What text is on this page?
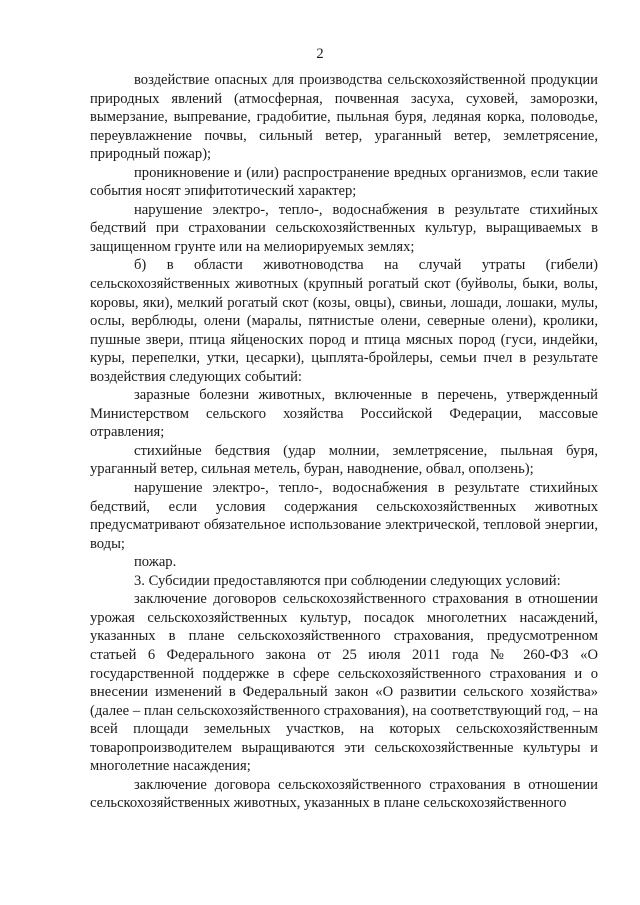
2

воздействие опасных для производства сельскохозяйственной продукции природных явлений (атмосферная, почвенная засуха, суховей, заморозки, вымерзание, выпревание, градобитие, пыльная буря, ледяная корка, половодье, переувлажнение почвы, сильный ветер, ураганный ветер, землетрясение, природный пожар);

проникновение и (или) распространение вредных организмов, если такие события носят эпифитотический характер;

нарушение электро-, тепло-, водоснабжения в результате стихийных бедствий при страховании сельскохозяйственных культур, выращиваемых в защищенном грунте или на мелиорируемых землях;

б) в области животноводства на случай утраты (гибели) сельскохозяйственных животных (крупный рогатый скот (буйволы, быки, волы, коровы, яки), мелкий рогатый скот (козы, овцы), свиньи, лошади, лошаки, мулы, ослы, верблюды, олени (маралы, пятнистые олени, северные олени), кролики, пушные звери, птица яйценоских пород и птица мясных пород (гуси, индейки, куры, перепелки, утки, цесарки), цыплята-бройлеры, семьи пчел в результате воздействия следующих событий:

заразные болезни животных, включенные в перечень, утвержденный Министерством сельского хозяйства Российской Федерации, массовые отравления;

стихийные бедствия (удар молнии, землетрясение, пыльная буря, ураганный ветер, сильная метель, буран, наводнение, обвал, оползень);

нарушение электро-, тепло-, водоснабжения в результате стихийных бедствий, если условия содержания сельскохозяйственных животных предусматривают обязательное использование электрической, тепловой энергии, воды;

пожар.

3. Субсидии предоставляются при соблюдении следующих условий:

заключение договоров сельскохозяйственного страхования в отношении урожая сельскохозяйственных культур, посадок многолетних насаждений, указанных в плане сельскохозяйственного страхования, предусмотренном статьей 6 Федерального закона от 25 июля 2011 года № 260-ФЗ «О государственной поддержке в сфере сельскохозяйственного страхования и о внесении изменений в Федеральный закон «О развитии сельского хозяйства» (далее – план сельскохозяйственного страхования), на соответствующий год, – на всей площади земельных участков, на которых сельскохозяйственным товаропроизводителем выращиваются эти сельскохозяйственные культуры и многолетние насаждения;

заключение договора сельскохозяйственного страхования в отношении сельскохозяйственных животных, указанных в плане сельскохозяйственного
